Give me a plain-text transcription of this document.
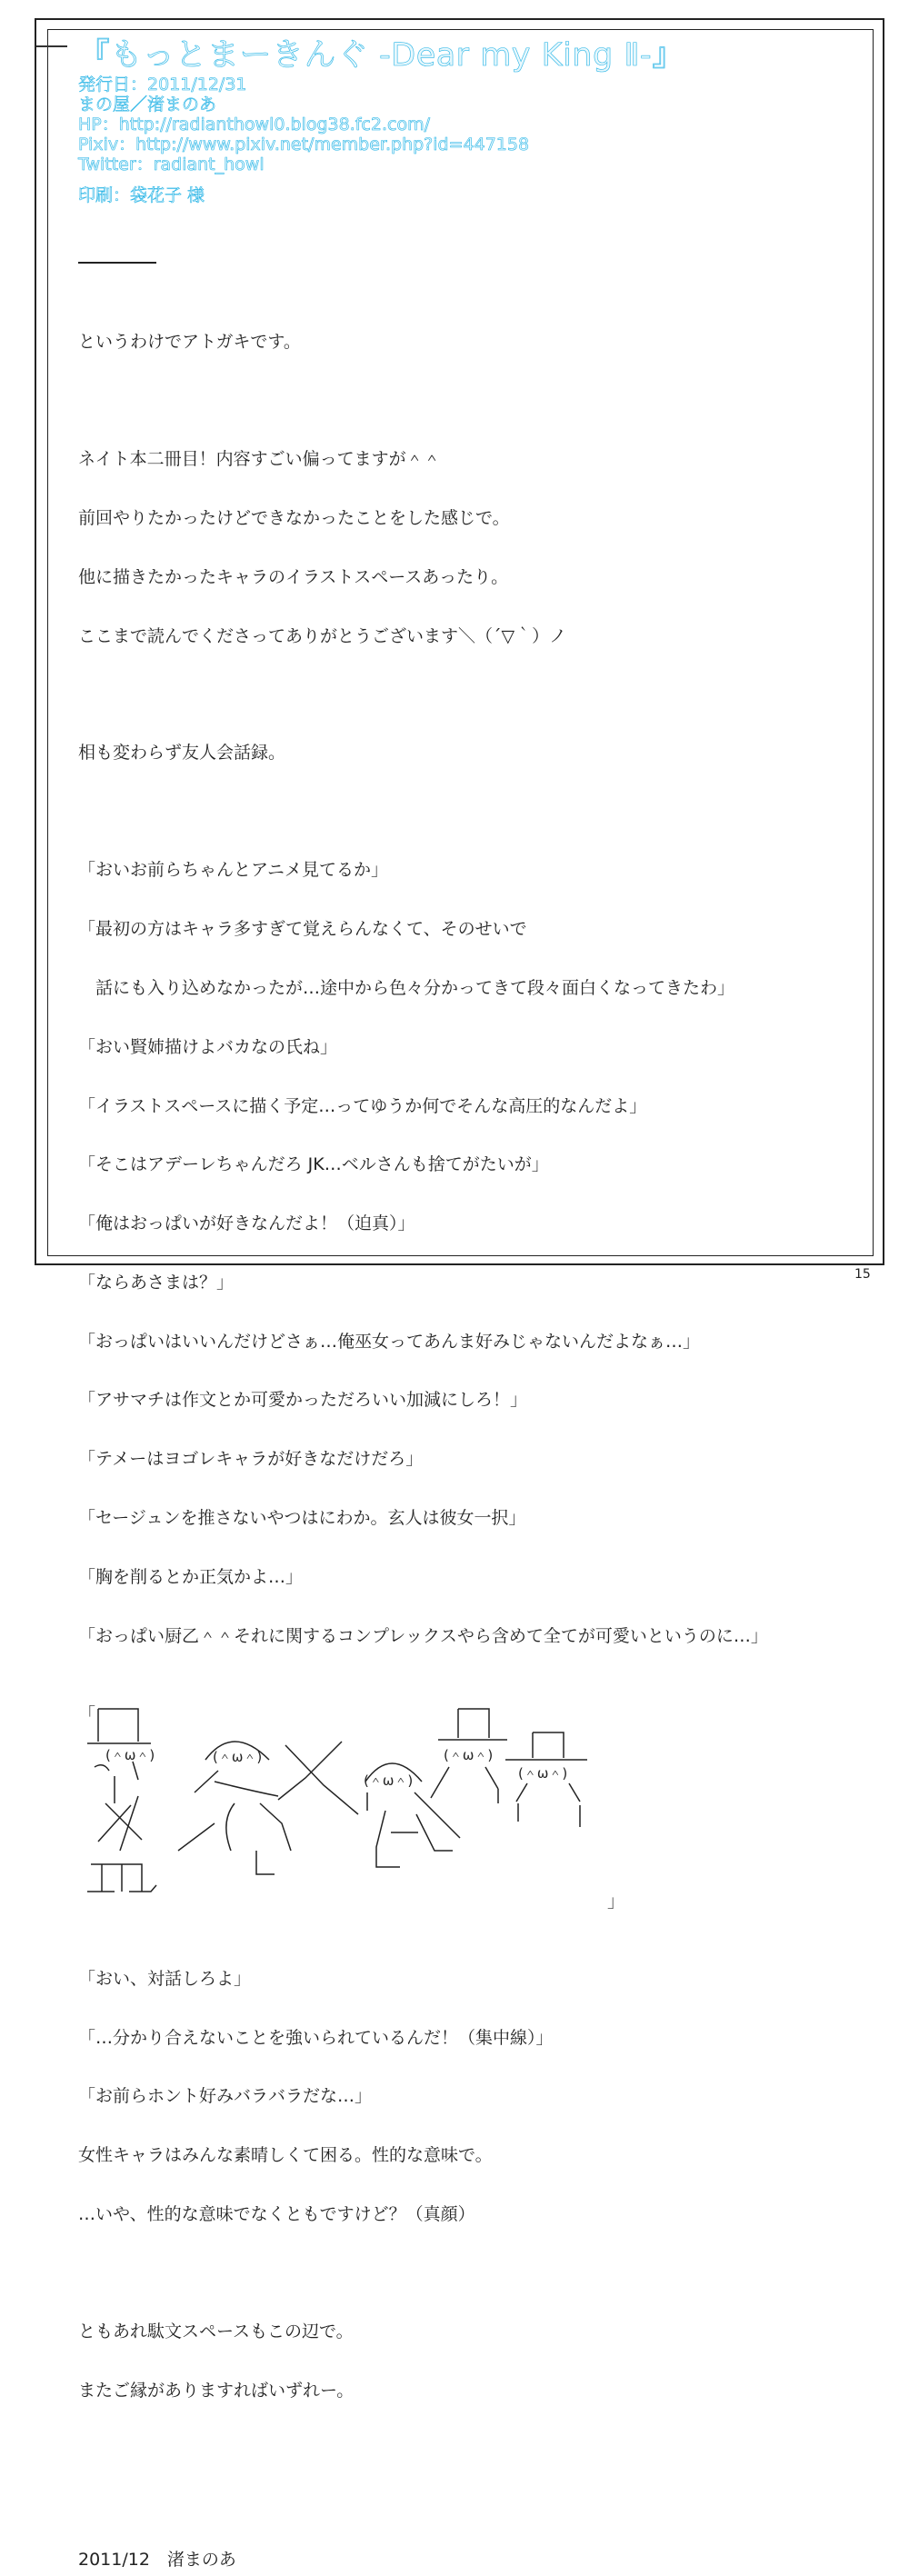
『もっとまーきんぐ -Dear my King Ⅱ-』
発行日：2011/12/31
まの屋／渚まのあ
HP：http://radianthowl0.blog38.fc2.com/
Pixiv：http://www.pixiv.net/member.php?id=447158
Twitter：radiant_howl
印刷：袋花子 様

というわけでアトガキです。

ネイト本二冊目！内容すごい偏ってますが＾＾

前回やりたかったけどできなかったことをした感じで。

他に描きたかったキャラのイラストスペースあったり。

ここまで読んでくださってありがとうございます＼（´▽｀）ノ

相も変わらず友人会話録。

「おいお前らちゃんとアニメ見てるか」

「最初の方はキャラ多すぎて覚えらんなくて、そのせいで

　話にも入り込めなかったが…途中から色々分かってきて段々面白くなってきたわ」

「おい賢姉描けよバカなの氏ね」

「イラストスペースに描く予定…ってゆうか何でそんな高圧的なんだよ」

「そこはアデーレちゃんだろ JK…ベルさんも捨てがたいが」

「俺はおっぱいが好きなんだよ！（迫真）」

「ならあさまは？」

「おっぱいはいいんだけどさぁ…俺巫女ってあんま好みじゃないんだよなぁ…」

「アサマチは作文とか可愛かっただろいい加減にしろ！」

「テメーはヨゴレキャラが好きなだけだろ」

「セージュンを推さないやつはにわか。玄人は彼女一択」

「胸を削るとか正気かよ…」

「おっぱい厨乙＾＾それに関するコンプレックスやら含めて全てが可愛いというのに…」

「

(＾ω＾)	(＾ω＾)
(＾ω＾)
(＾ω＾)
(＾ω＾)

」

「おい、対話しろよ」

「…分かり合えないことを強いられているんだ！（集中線）」

「お前らホント好みバラバラだな…」

女性キャラはみんな素晴しくて困る。性的な意味で。

…いや、性的な意味でなくともですけど？（真顔）

ともあれ駄文スペースもこの辺で。

またご縁がありますればいずれー。

2011/12　渚まのあ

15
